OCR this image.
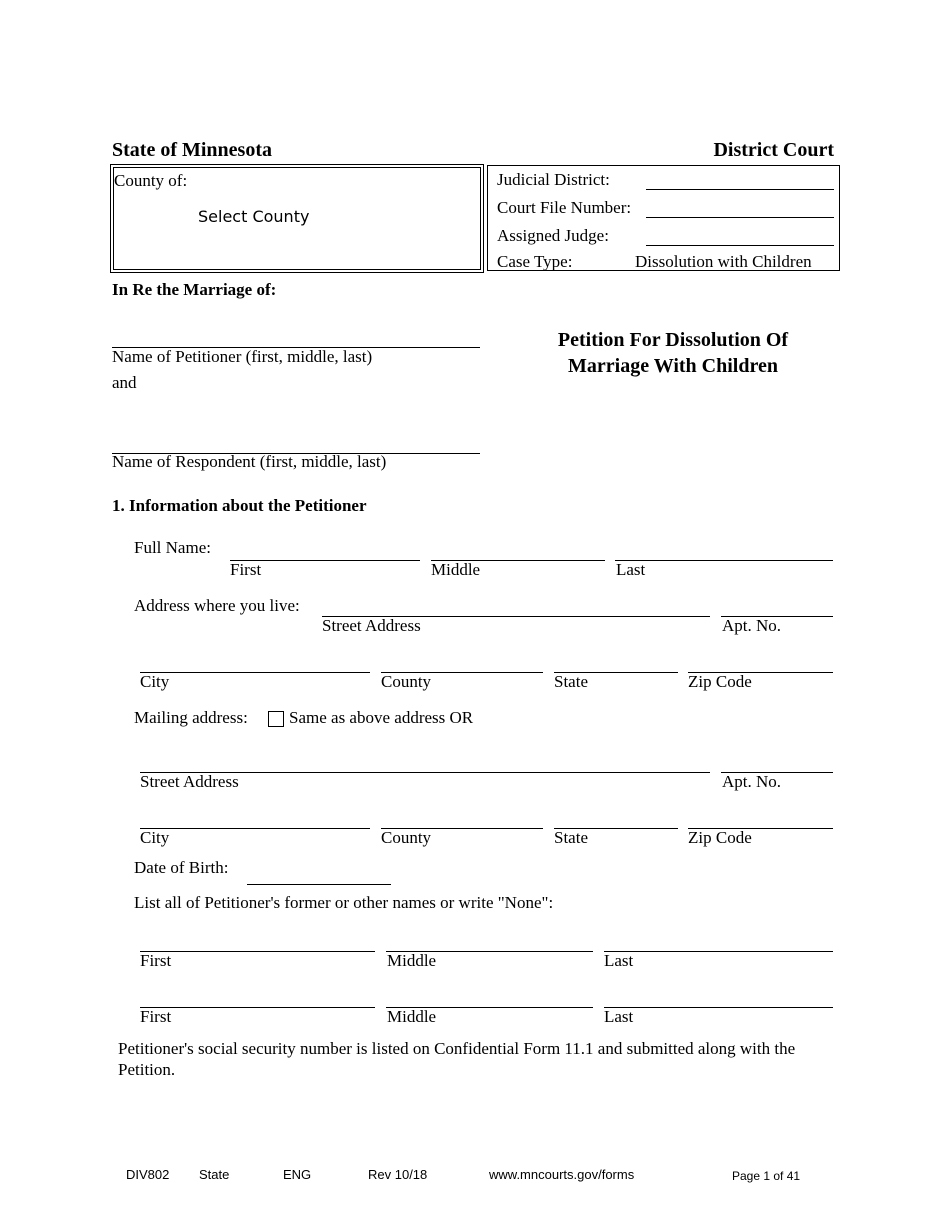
State of Minnesota	District Court
County of:
Select County
Judicial District:
Court File Number:
Assigned Judge:
Case Type:	Dissolution with Children
In Re the Marriage of:
Name of Petitioner (first, middle, last)
and
Name of Respondent (first, middle, last)
Petition For Dissolution Of
Marriage With Children
1. Information about the Petitioner
Full Name:
First	Middle	Last
Address where you live:
Street Address	Apt. No.
City	County	State	Zip Code
Mailing address: Same as above address OR
Street Address	Apt. No.
City	County	State	Zip Code
Date of Birth:
List all of Petitioner's former or other names or write "None":
First	Middle	Last
First	Middle	Last
Petitioner's social security number is listed on Confidential Form 11.1 and submitted along with the Petition.
DIV802 State	ENG	Rev 10/18	www.mncourts.gov/forms	Page 1 of 41
